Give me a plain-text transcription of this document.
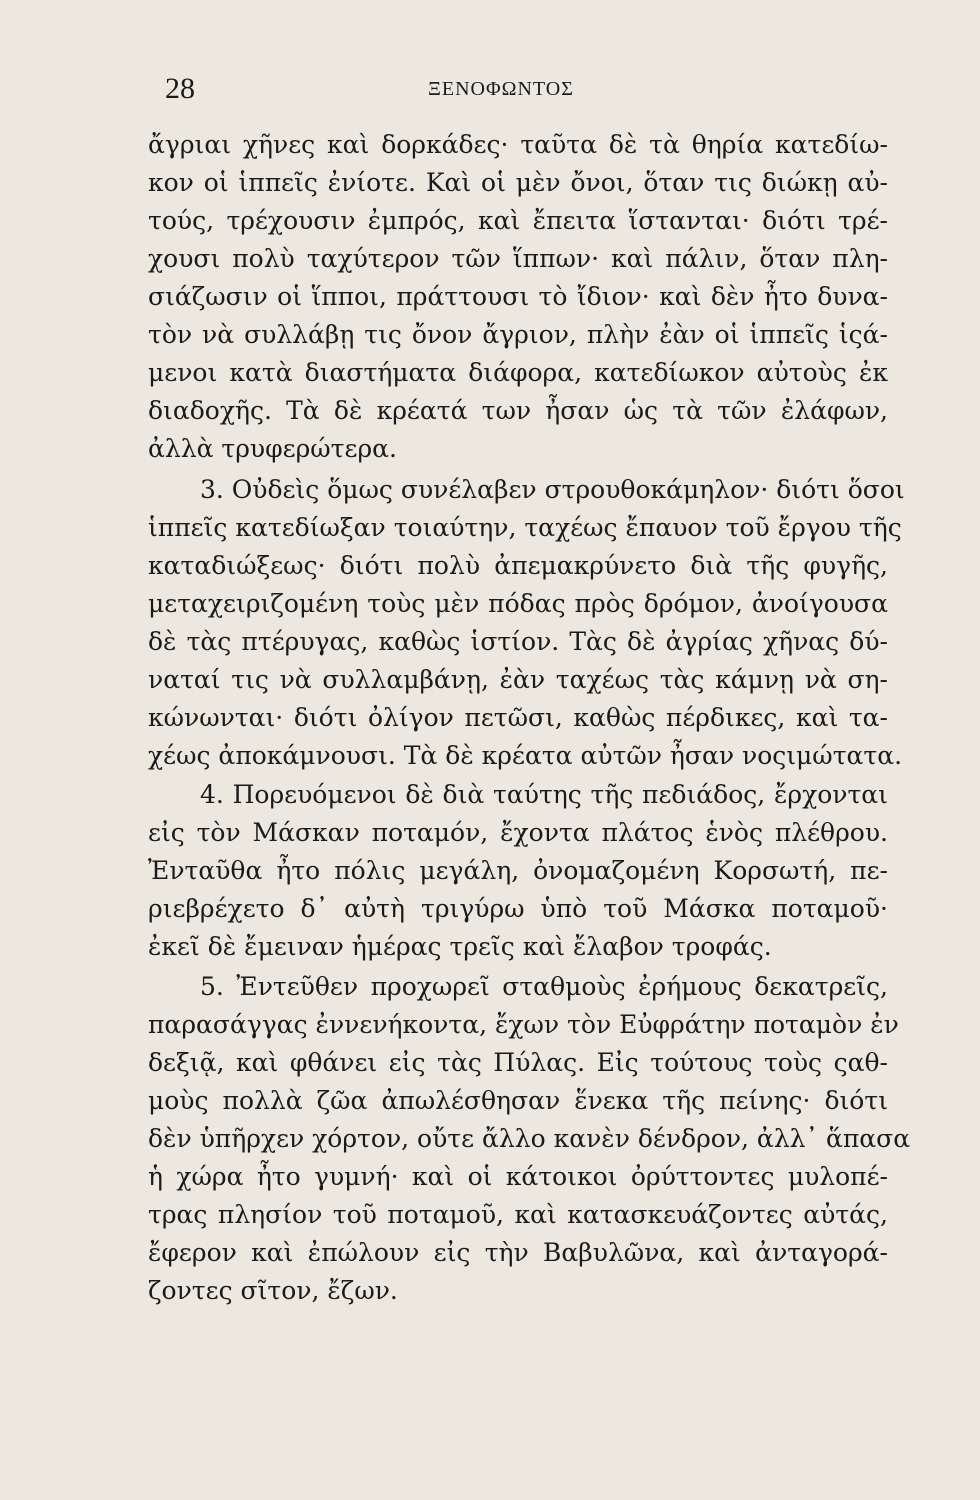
28	ΞΕΝΟΦΩΝΤΟΣ
ἄγριαι χῆνες καὶ δορκάδες· ταῦτα δὲ τὰ θηρία κατεδίω-
κον οἱ ἱππεῖς ἐνίοτε. Καὶ οἱ μὲν ὄνοι, ὅταν τις διώκῃ αὐ-
τούς, τρέχουσιν ἐμπρός, καὶ ἔπειτα ἵστανται· διότι τρέ-
χουσι πολὺ ταχύτερον τῶν ἵππων· καὶ πάλιν, ὅταν πλη-
σιάζωσιν οἱ ἵπποι, πράττουσι τὸ ἴδιον· καὶ δὲν ἦτο δυνα-
τὸν νὰ συλλάβῃ τις ὄνον ἄγριον, πλὴν ἐὰν οἱ ἱππεῖς ἱςά-
μενοι κατὰ διαστήματα διάφορα, κατεδίωκον αὐτοὺς ἐκ
διαδοχῆς. Τὰ δὲ κρέατά των ἦσαν ὡς τὰ τῶν ἐλάφων,
ἀλλὰ τρυφερώτερα.
3. Οὐδεὶς ὅμως συνέλαβεν στρουθοκάμηλον· διότι ὅσοι
ἱππεῖς κατεδίωξαν τοιαύτην, ταχέως ἔπαυον τοῦ ἔργου τῆς
καταδιώξεως· διότι πολὺ ἀπεμακρύνετο διὰ τῆς φυγῆς,
μεταχειριζομένη τοὺς μὲν πόδας πρὸς δρόμον, ἀνοίγουσα
δὲ τὰς πτέρυγας, καθὼς ἱστίον. Τὰς δὲ ἀγρίας χῆνας δύ-
ναταί τις νὰ συλλαμβάνῃ, ἐὰν ταχέως τὰς κάμνῃ νὰ ση-
κώνωνται· διότι ὀλίγον πετῶσι, καθὼς πέρδικες, καὶ τα-
χέως ἀποκάμνουσι. Τὰ δὲ κρέατα αὐτῶν ἦσαν νοςιμώτατα.
4. Πορευόμενοι δὲ διὰ ταύτης τῆς πεδιάδος, ἔρχονται
εἰς τὸν Μάσκαν ποταμόν, ἔχοντα πλάτος ἑνὸς πλέθρου.
Ἐνταῦθα ἦτο πόλις μεγάλη, ὀνομαζομένη Κορσωτή, πε-
ριεβρέχετο δ᾽ αὐτὴ τριγύρω ὑπὸ τοῦ Μάσκα ποταμοῦ·
ἐκεῖ δὲ ἔμειναν ἡμέρας τρεῖς καὶ ἔλαβον τροφάς.
5. Ἐντεῦθεν προχωρεῖ σταθμοὺς ἐρήμους δεκατρεῖς,
παρασάγγας ἐννενήκοντα, ἔχων τὸν Εὐφράτην ποταμὸν ἐν
δεξιᾷ, καὶ φθάνει εἰς τὰς Πύλας. Εἰς τούτους τοὺς ςαθ-
μοὺς πολλὰ ζῶα ἀπωλέσθησαν ἕνεκα τῆς πείνης· διότι
δὲν ὑπῆρχεν χόρτον, οὔτε ἄλλο κανὲν δένδρον, ἀλλ᾽ ἅπασα
ἡ χώρα ἦτο γυμνή· καὶ οἱ κάτοικοι ὀρύττοντες μυλοπέ-
τρας πλησίον τοῦ ποταμοῦ, καὶ κατασκευάζοντες αὐτάς,
ἔφερον καὶ ἐπώλουν εἰς τὴν Βαβυλῶνα, καὶ ἀνταγορά-
ζοντες σῖτον, ἔζων.
